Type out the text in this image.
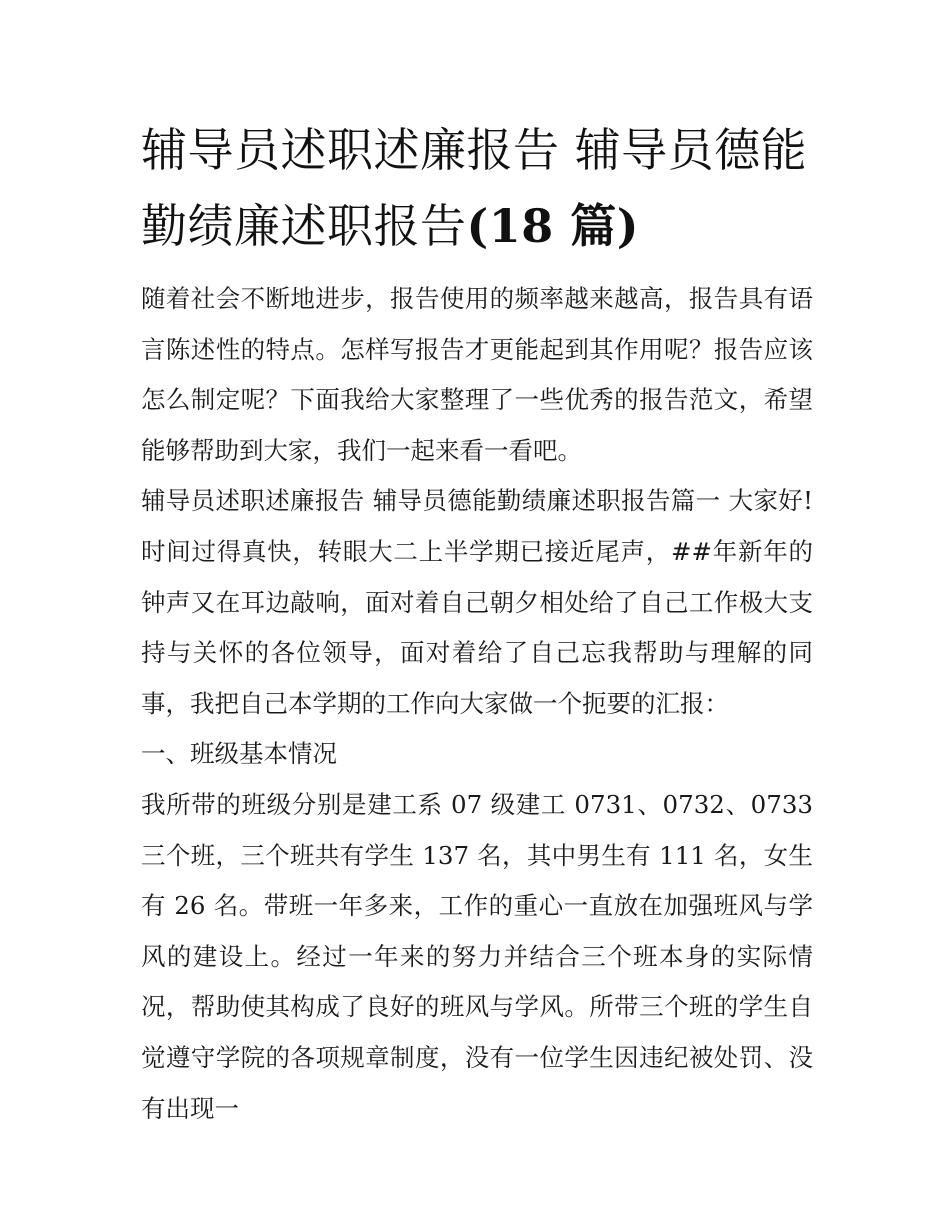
辅导员述职述廉报告 辅导员德能勤绩廉述职报告(18 篇)

随着社会不断地进步，报告使用的频率越来越高，报告具有语言陈述性的特点。怎样写报告才更能起到其作用呢？报告应该怎么制定呢？下面我给大家整理了一些优秀的报告范文，希望能够帮助到大家，我们一起来看一看吧。

辅导员述职述廉报告 辅导员德能勤绩廉述职报告篇一 大家好!时间过得真快，转眼大二上半学期已接近尾声，##年新年的钟声又在耳边敲响，面对着自己朝夕相处给了自己工作极大支持与关怀的各位领导，面对着给了自己忘我帮助与理解的同事，我把自己本学期的工作向大家做一个扼要的汇报：

一、班级基本情况

我所带的班级分别是建工系 07 级建工 0731、0732、0733 三个班，三个班共有学生 137 名，其中男生有 111 名，女生有 26 名。带班一年多来，工作的重心一直放在加强班风与学风的建设上。经过一年来的努力并结合三个班本身的实际情况，帮助使其构成了良好的班风与学风。所带三个班的学生自觉遵守学院的各项规章制度，没有一位学生因违纪被处罚、没有出现一
